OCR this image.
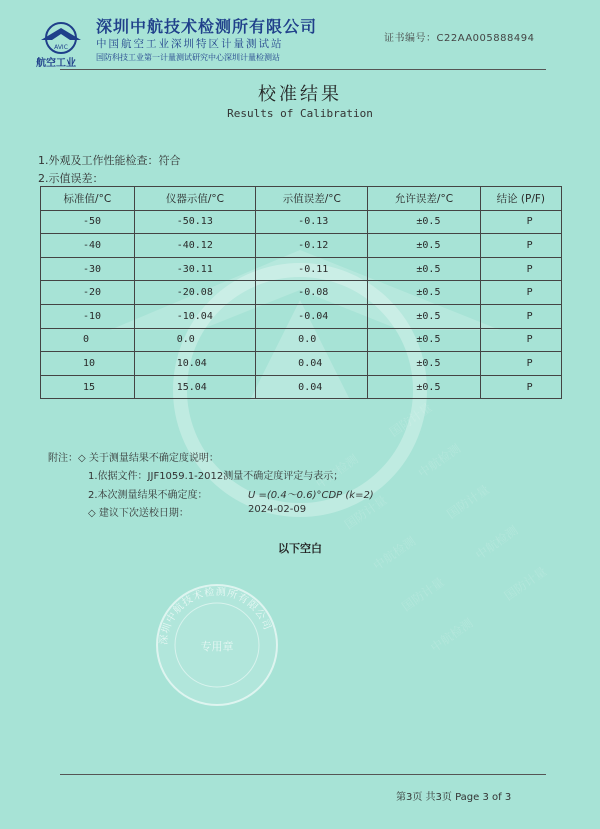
中航检测
国防计量
国防计量
中航检测
中航检测
国防计量
国防计量
中航检测
中航检测
国防计量
AVIC
航空工业
深圳中航技术检测所有限公司
中国航空工业深圳特区计量测试站
国防科技工业第一计量测试研究中心深圳计量检测站
证书编号：C22AA005888494
校准结果
Results of Calibration
1.外观及工作性能检查：符合
2.示值误差：
标准值/°C	仪器示值/°C	示值误差/°C	允许误差/°C	结论 (P/F)
-50	-50.13	-0.13	±0.5	P
-40	-40.12	-0.12	±0.5	P
-30	-30.11	-0.11	±0.5	P
-20	-20.08	-0.08	±0.5	P
-10	-10.04	-0.04	±0.5	P
0	0.0	0.0	±0.5	P
10	10.04	0.04	±0.5	P
15	15.04	0.04	±0.5	P
附注：◇ 关于测量结果不确定度说明：
1.依据文件：JJF1059.1-2012测量不确定度评定与表示；
2.本次测量结果不确定度：	U =(0.4～0.6)°CDP (k=2)
◇ 建议下次送校日期：	2024-02-09
以下空白
深圳中航技术检测所有限公司
专用章
第3页 共3页 Page 3 of 3
